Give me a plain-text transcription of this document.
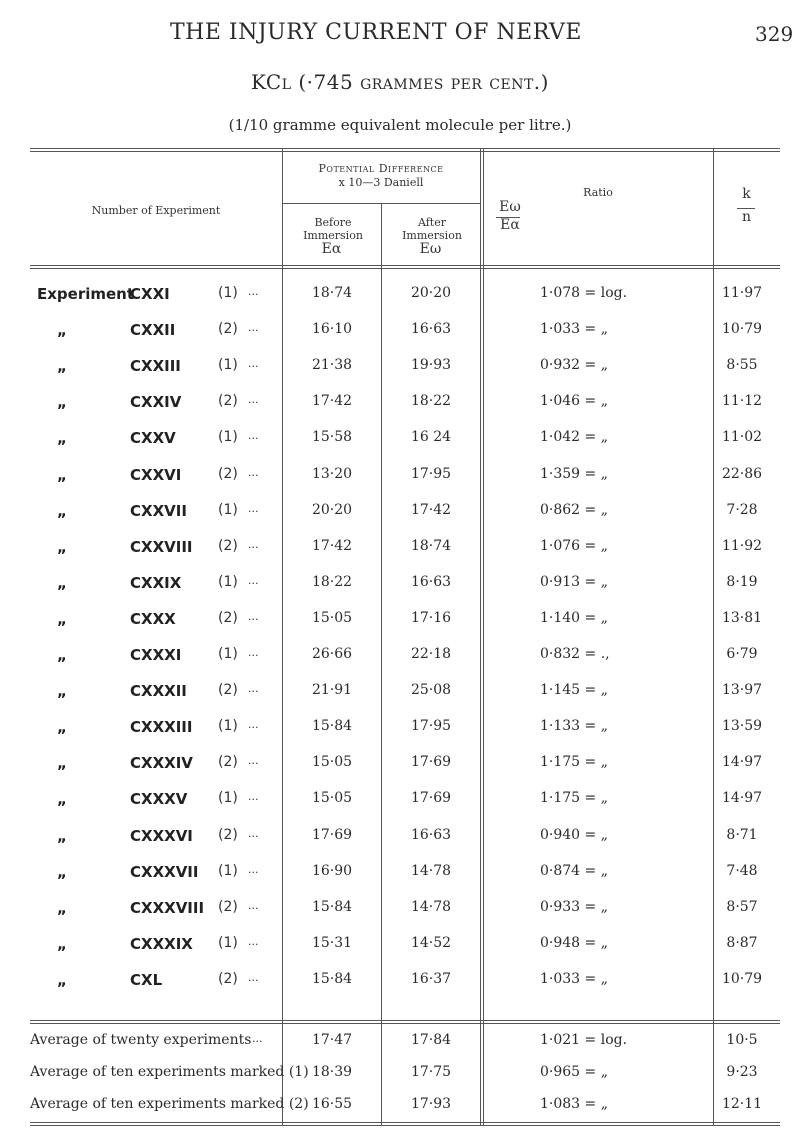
THE INJURY CURRENT OF NERVE	329
KCl (·745 grammes per cent.)
(1/10 gramme equivalent molecule per litre.)
Number of Experiment
Potential Difference
x 10—3 Daniell
Before Immersion
Eα
After Immersion
Eω
Ratio
Eω
Eα
k
n
Experiment
CXXI	(1) ...	18·74	20·20	1·078 = log.	11·97
„	CXXII	(2) ...	16·10	16·63	1·033 = „	10·79
„	CXXIII	(1) ...	21·38	19·93	0·932 = „	8·55
„	CXXIV	(2) ...	17·42	18·22	1·046 = „	11·12
„	CXXV	(1) ...	15·58	16 24	1·042 = „	11·02
„	CXXVI	(2) ...	13·20	17·95	1·359 = „	22·86
„	CXXVII (1) ...	20·20	17·42	0·862 = „	7·28
„	CXXVIII (2) ...	17·42	18·74	1·076 = „	11·92
„	CXXIX	(1) ...	18·22	16·63	0·913 = „	8·19
„	CXXX	(2) ...	15·05	17·16	1·140 = „	13·81
„	CXXXI	(1) ...	26·66	22·18	0·832 = .,	6·79
„	CXXXII (2) ...	21·91	25·08	1·145 = „	13·97
„	CXXXIII (1) ...	15·84	17·95	1·133 = „	13·59
„	CXXXIV (2) ...	15·05	17·69	1·175 = „	14·97
„	CXXXV (1) ...	15·05	17·69	1·175 = „	14·97
„	CXXXVI (2) ...	17·69	16·63	0·940 = „	8·71
„	CXXXVII (1) ...	16·90	14·78	0·874 = „	7·48
„	CXXXVIII (2) ...	15·84	14·78	0·933 = „	8·57
„	CXXXIX (1) ...	15·31	14·52	0·948 = „	8·87
„	CXL	(2) ...	15·84	16·37	1·033 = „	10·79
Average of twenty experiments ...	17·47	17·84	1·021 = log.	10·5
Average of ten experiments marked (1) 18·39	17·75	0·965 = „	9·23
Average of ten experiments marked (2) 16·55	17·93	1·083 = „	12·11
